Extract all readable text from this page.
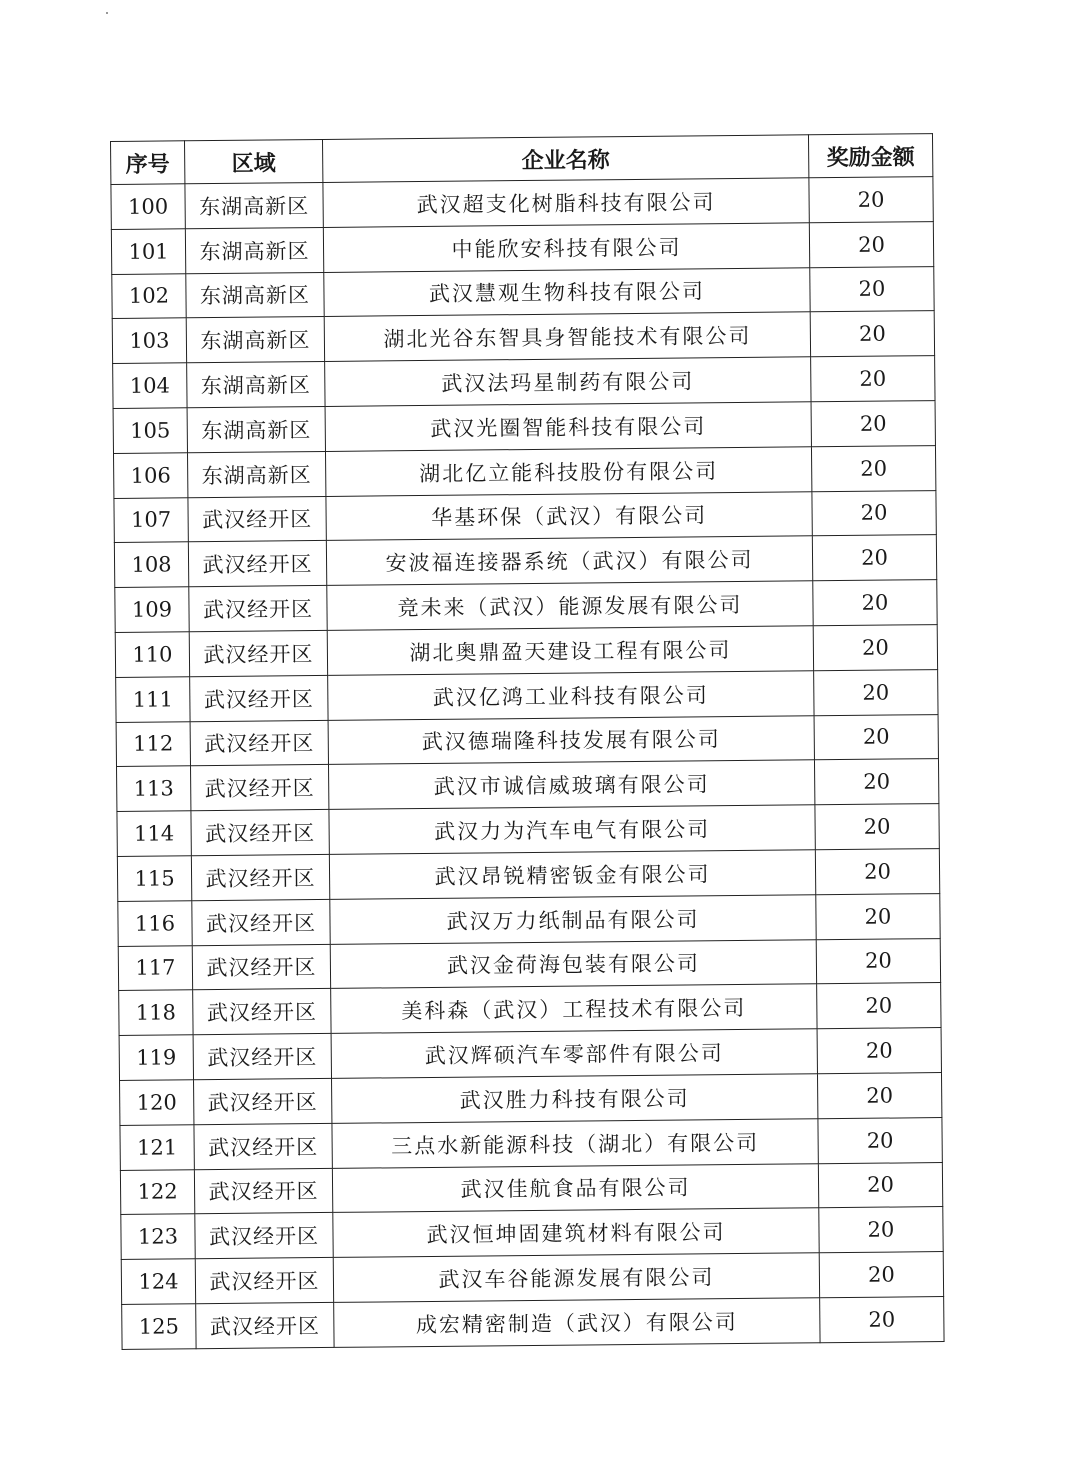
序号	区域	企业名称	奖励金额
100	东湖高新区	武汉超支化树脂科技有限公司	20
101	东湖高新区	中能欣安科技有限公司	20
102	东湖高新区	武汉慧观生物科技有限公司	20
103	东湖高新区	湖北光谷东智具身智能技术有限公司	20
104	东湖高新区	武汉法玛星制药有限公司	20
105	东湖高新区	武汉光圈智能科技有限公司	20
106	东湖高新区	湖北亿立能科技股份有限公司	20
107	武汉经开区	华基环保（武汉）有限公司	20
108	武汉经开区	安波福连接器系统（武汉）有限公司	20
109	武汉经开区	竞未来（武汉）能源发展有限公司	20
110	武汉经开区	湖北奥鼎盈天建设工程有限公司	20
111	武汉经开区	武汉亿鸿工业科技有限公司	20
112	武汉经开区	武汉德瑞隆科技发展有限公司	20
113	武汉经开区	武汉市诚信威玻璃有限公司	20
114	武汉经开区	武汉力为汽车电气有限公司	20
115	武汉经开区	武汉昂锐精密钣金有限公司	20
116	武汉经开区	武汉万力纸制品有限公司	20
117	武汉经开区	武汉金荷海包装有限公司	20
118	武汉经开区	美科森（武汉）工程技术有限公司	20
119	武汉经开区	武汉辉硕汽车零部件有限公司	20
120	武汉经开区	武汉胜力科技有限公司	20
121	武汉经开区	三点水新能源科技（湖北）有限公司	20
122	武汉经开区	武汉佳航食品有限公司	20
123	武汉经开区	武汉恒坤固建筑材料有限公司	20
124	武汉经开区	武汉车谷能源发展有限公司	20
125	武汉经开区	成宏精密制造（武汉）有限公司	20
